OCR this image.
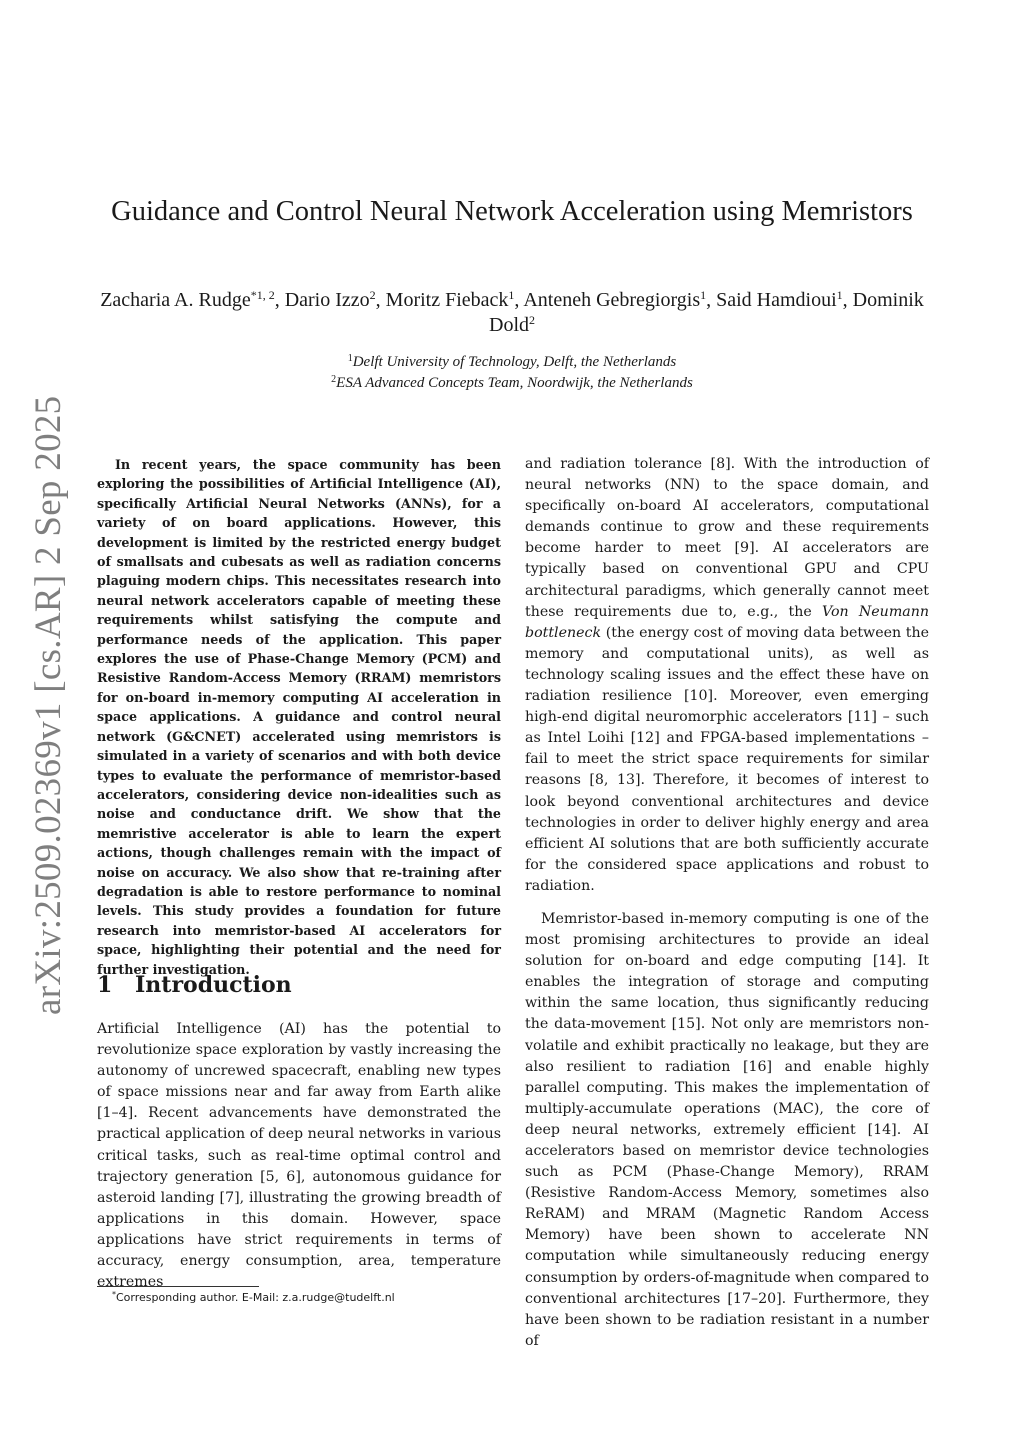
Guidance and Control Neural Network Acceleration using Memristors
Zacharia A. Rudge$^{*1, 2}$, Dario Izzo$^2$, Moritz Fieback$^1$, Anteneh Gebregiorgis$^1$, Said Hamdioui$^1$, Dominik Dold$^2$
$^1$Delft University of Technology, Delft, the Netherlands
$^2$ESA Advanced Concepts Team, Noordwijk, the Netherlands
arXiv:2509.02369v1 [cs.AR] 2 Sep 2025	In recent years, the space community has been exploring the possibilities of Artificial Intelligence (AI), specifically Artificial Neural Networks (ANNs), for a variety of on board applications. However, this development is limited by the restricted energy budget of smallsats and cubesats as well as radiation concerns plaguing modern chips. This necessitates research into neural network accelerators capable of meeting these requirements whilst satisfying the compute and performance needs of the application. This paper explores the use of Phase-Change Memory (PCM) and Resistive Random-Access Memory (RRAM) memristors for on-board in-memory computing AI acceleration in space applications. A guidance and control neural network (G&CNET) accelerated using memristors is simulated in a variety of scenarios and with both device types to evaluate the performance of memristor-based accelerators, considering device non-idealities such as noise and conductance drift. We show that the memristive accelerator is able to learn the expert actions, though challenges remain with the impact of noise on accuracy. We also show that re-training after degradation is able to restore performance to nominal levels. This study provides a foundation for future research into memristor-based AI accelerators for space, highlighting their potential and the need for further investigation.
1 Introduction

Artificial Intelligence (AI) has the potential to revolutionize space exploration by vastly increasing the autonomy of uncrewed spacecraft, enabling new types of space missions near and far away from Earth alike [1–4]. Recent advancements have demonstrated the practical application of deep neural networks in various critical tasks, such as real-time optimal control and trajectory generation [5, 6], autonomous guidance for asteroid landing [7], illustrating the growing breadth of applications in this domain. However, space applications have strict requirements in terms of accuracy, energy consumption, area, temperature extremes

and radiation tolerance [8]. With the introduction of neural networks (NN) to the space domain, and specifically on-board AI accelerators, computational demands continue to grow and these requirements become harder to meet [9]. AI accelerators are typically based on conventional GPU and CPU architectural paradigms, which generally cannot meet these requirements due to, e.g., the Von Neumann bottleneck (the energy cost of moving data between the memory and computational units), as well as technology scaling issues and the effect these have on radiation resilience [10]. Moreover, even emerging high-end digital neuromorphic accelerators [11] – such as Intel Loihi [12] and FPGA-based implementations – fail to meet the strict space requirements for similar reasons [8, 13]. Therefore, it becomes of interest to look beyond conventional architectures and device technologies in order to deliver highly energy and area efficient AI solutions that are both sufficiently accurate for the considered space applications and robust to radiation.

Memristor-based in-memory computing is one of the most promising architectures to provide an ideal solution for on-board and edge computing [14]. It enables the integration of storage and computing within the same location, thus significantly reducing the data-movement [15]. Not only are memristors non-volatile and exhibit practically no leakage, but they are also resilient to radiation [16] and enable highly parallel computing. This makes the implementation of multiply-accumulate operations (MAC), the core of deep neural networks, extremely efficient [14]. AI accelerators based on memristor device technologies such as PCM (Phase-Change Memory), RRAM (Resistive Random-Access Memory, sometimes also ReRAM) and MRAM (Magnetic Random Access Memory) have been shown to accelerate NN computation while simultaneously reducing energy consumption by orders-of-magnitude when compared to conventional architectures [17–20]. Furthermore, they have been shown to be radiation resistant in a number of

*Corresponding author. E-Mail: z.a.rudge@tudelft.nl
